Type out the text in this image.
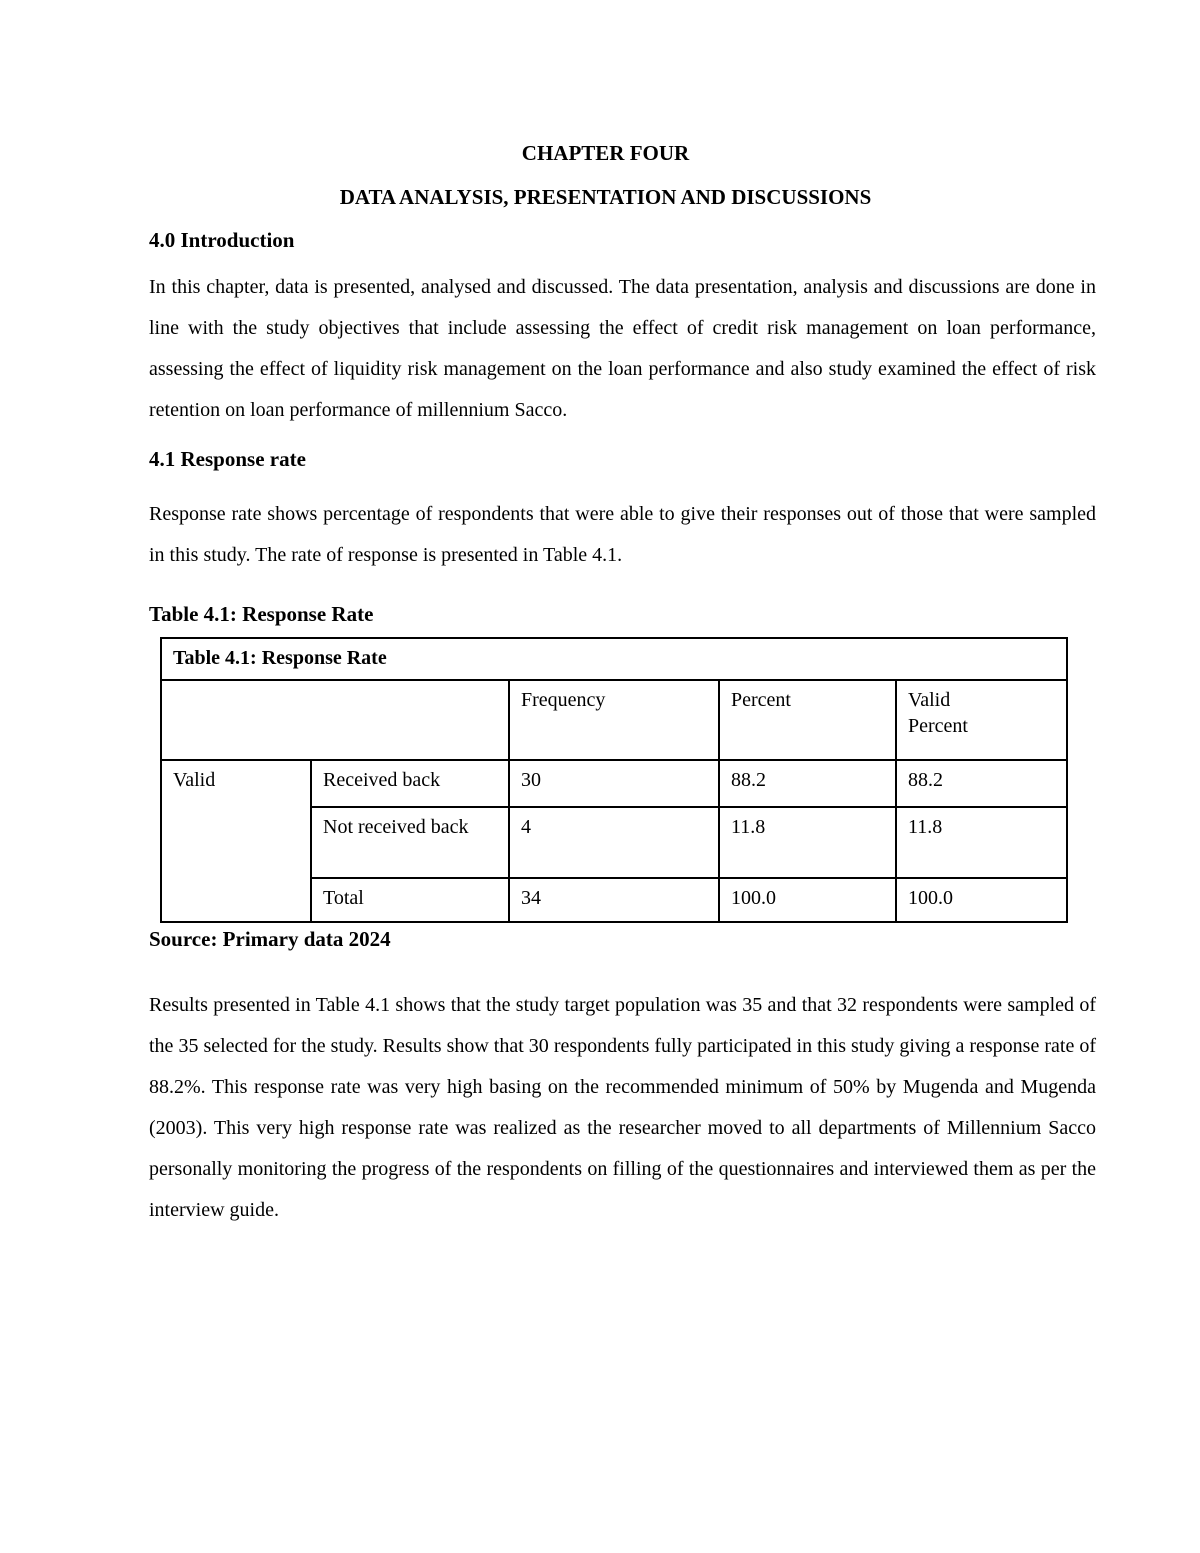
CHAPTER FOUR
DATA ANALYSIS, PRESENTATION AND DISCUSSIONS
4.0 Introduction
In this chapter, data is presented, analysed and discussed. The data presentation, analysis and discussions are done in line with the study objectives that include assessing the effect of credit risk management on loan performance, assessing the effect of liquidity risk management on the loan performance and also study examined the effect of risk retention on loan performance of millennium Sacco.
4.1 Response rate
Response rate shows percentage of respondents that were able to give their responses out of those that were sampled in this study. The rate of response is presented in Table 4.1.
Table 4.1: Response Rate
Table 4.1: Response Rate				
		Frequency	Percent	Valid Percent

Valid	Received back	30	88.2	88.2
	Not received back	4	11.8	11.8
	Total	34	100.0	100.0
Source: Primary data 2024
Results presented in Table 4.1 shows that the study target population was 35 and that 32 respondents were sampled of the 35 selected for the study. Results show that 30 respondents fully participated in this study giving a response rate of 88.2%. This response rate was very high basing on the recommended minimum of 50% by Mugenda and Mugenda (2003). This very high response rate was realized as the researcher moved to all departments of Millennium Sacco personally monitoring the progress of the respondents on filling of the questionnaires and interviewed them as per the interview guide.
